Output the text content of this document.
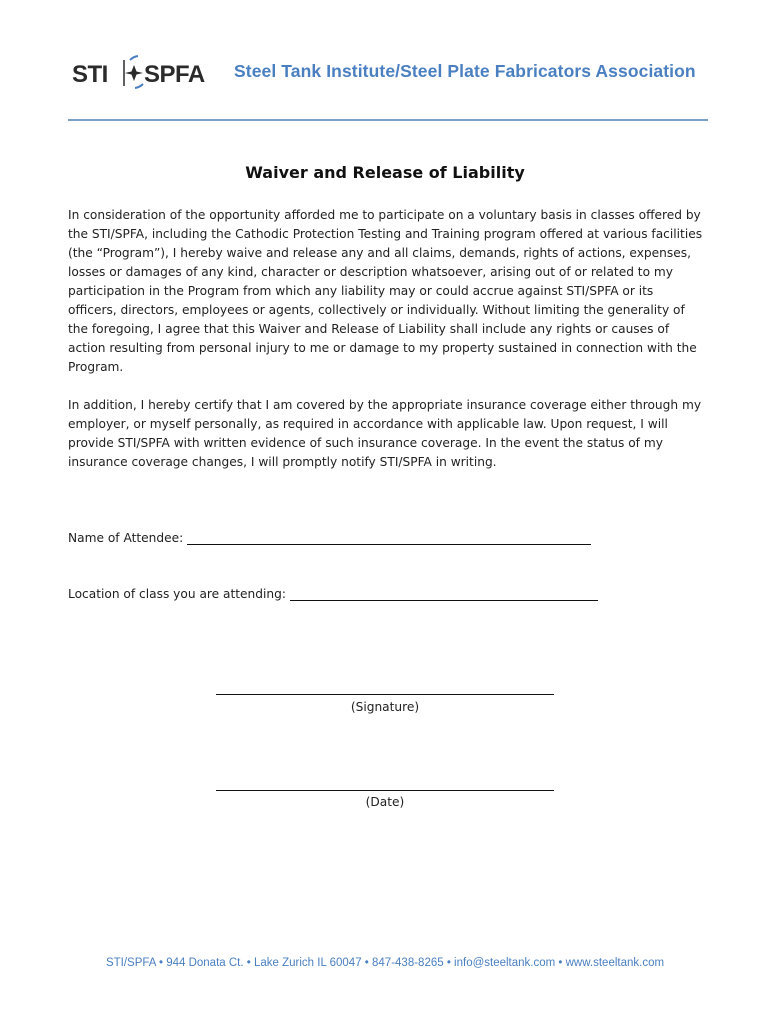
STI SPFA Steel Tank Institute/Steel Plate Fabricators Association
Waiver and Release of Liability
In consideration of the opportunity afforded me to participate on a voluntary basis in classes offered by the STI/SPFA, including the Cathodic Protection Testing and Training program offered at various facilities (the “Program”), I hereby waive and release any and all claims, demands, rights of actions, expenses, losses or damages of any kind, character or description whatsoever, arising out of or related to my participation in the Program from which any liability may or could accrue against STI/SPFA or its officers, directors, employees or agents, collectively or individually. Without limiting the generality of the foregoing, I agree that this Waiver and Release of Liability shall include any rights or causes of action resulting from personal injury to me or damage to my property sustained in connection with the Program.
In addition, I hereby certify that I am covered by the appropriate insurance coverage either through my employer, or myself personally, as required in accordance with applicable law. Upon request, I will provide STI/SPFA with written evidence of such insurance coverage. In the event the status of my insurance coverage changes, I will promptly notify STI/SPFA in writing.
Name of Attendee:
Location of class you are attending:
(Signature)
(Date)
STI/SPFA • 944 Donata Ct. • Lake Zurich IL 60047 • 847-438-8265 • info@steeltank.com • www.steeltank.com
